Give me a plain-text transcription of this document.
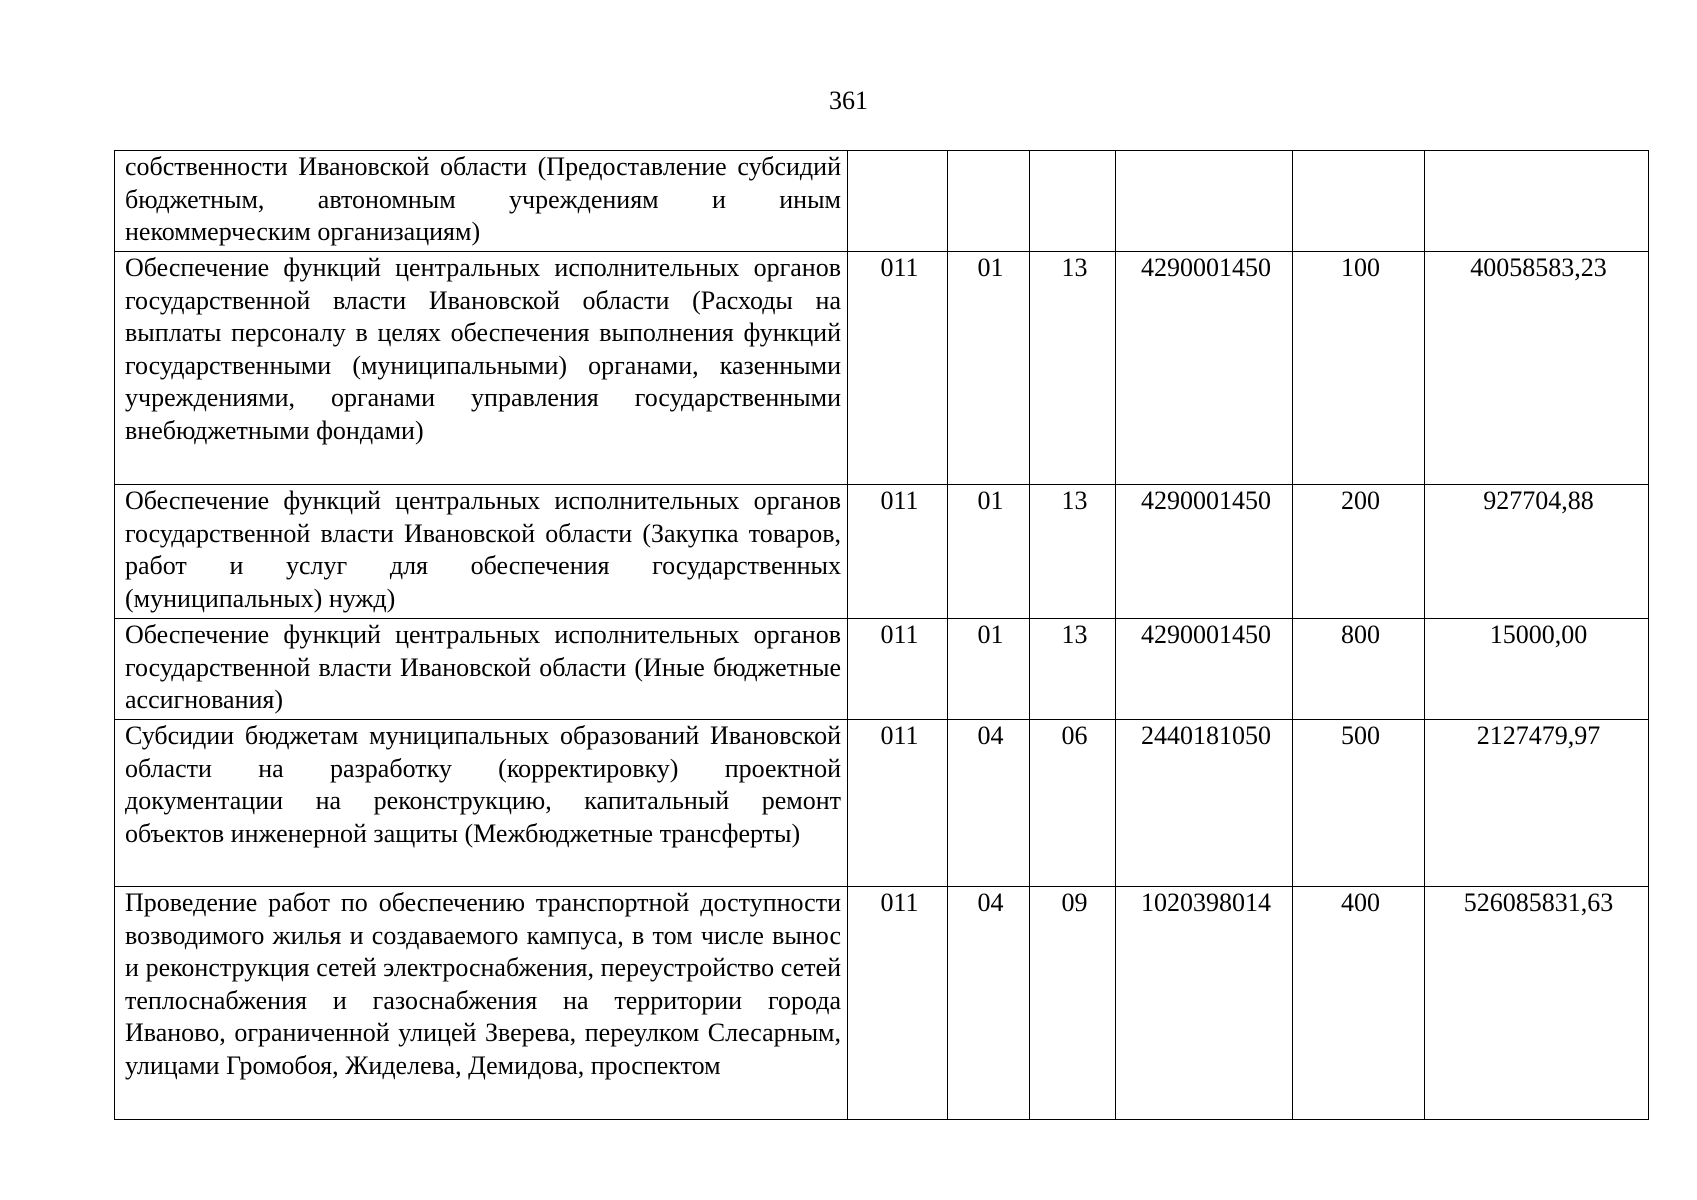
361
собственности Ивановской области (Предоставление субсидий бюджетным, автономным учреждениям и иным некоммерческим организациям)						
Обеспечение функций центральных исполнительных органов государственной власти Ивановской области (Расходы на выплаты персоналу в целях обеспечения выполнения функций государственными (муниципальными) органами, казенными учреждениями, органами управления государственными внебюджетными фондами)	011	01	13	4290001450	100	40058583,23
Обеспечение функций центральных исполнительных органов государственной власти Ивановской области (Закупка товаров, работ и услуг для обеспечения государственных (муниципальных) нужд)	011	01	13	4290001450	200	927704,88
Обеспечение функций центральных исполнительных органов государственной власти Ивановской области (Иные бюджетные ассигнования)	011	01	13	4290001450	800	15000,00
Субсидии бюджетам муниципальных образований Ивановской области на разработку (корректировку) проектной документации на реконструкцию, капитальный ремонт объектов инженерной защиты (Межбюджетные трансферты)	011	04	06	2440181050	500	2127479,97
Проведение работ по обеспечению транспортной доступности возводимого жилья и создаваемого кампуса, в том числе вынос и реконструкция сетей электроснабжения, переустройство сетей теплоснабжения и газоснабжения на территории города Иваново, ограниченной улицей Зверева, переулком Слесарным, улицами Громобоя, Жиделева, Демидова, проспектом	011	04	09	1020398014	400	526085831,63
